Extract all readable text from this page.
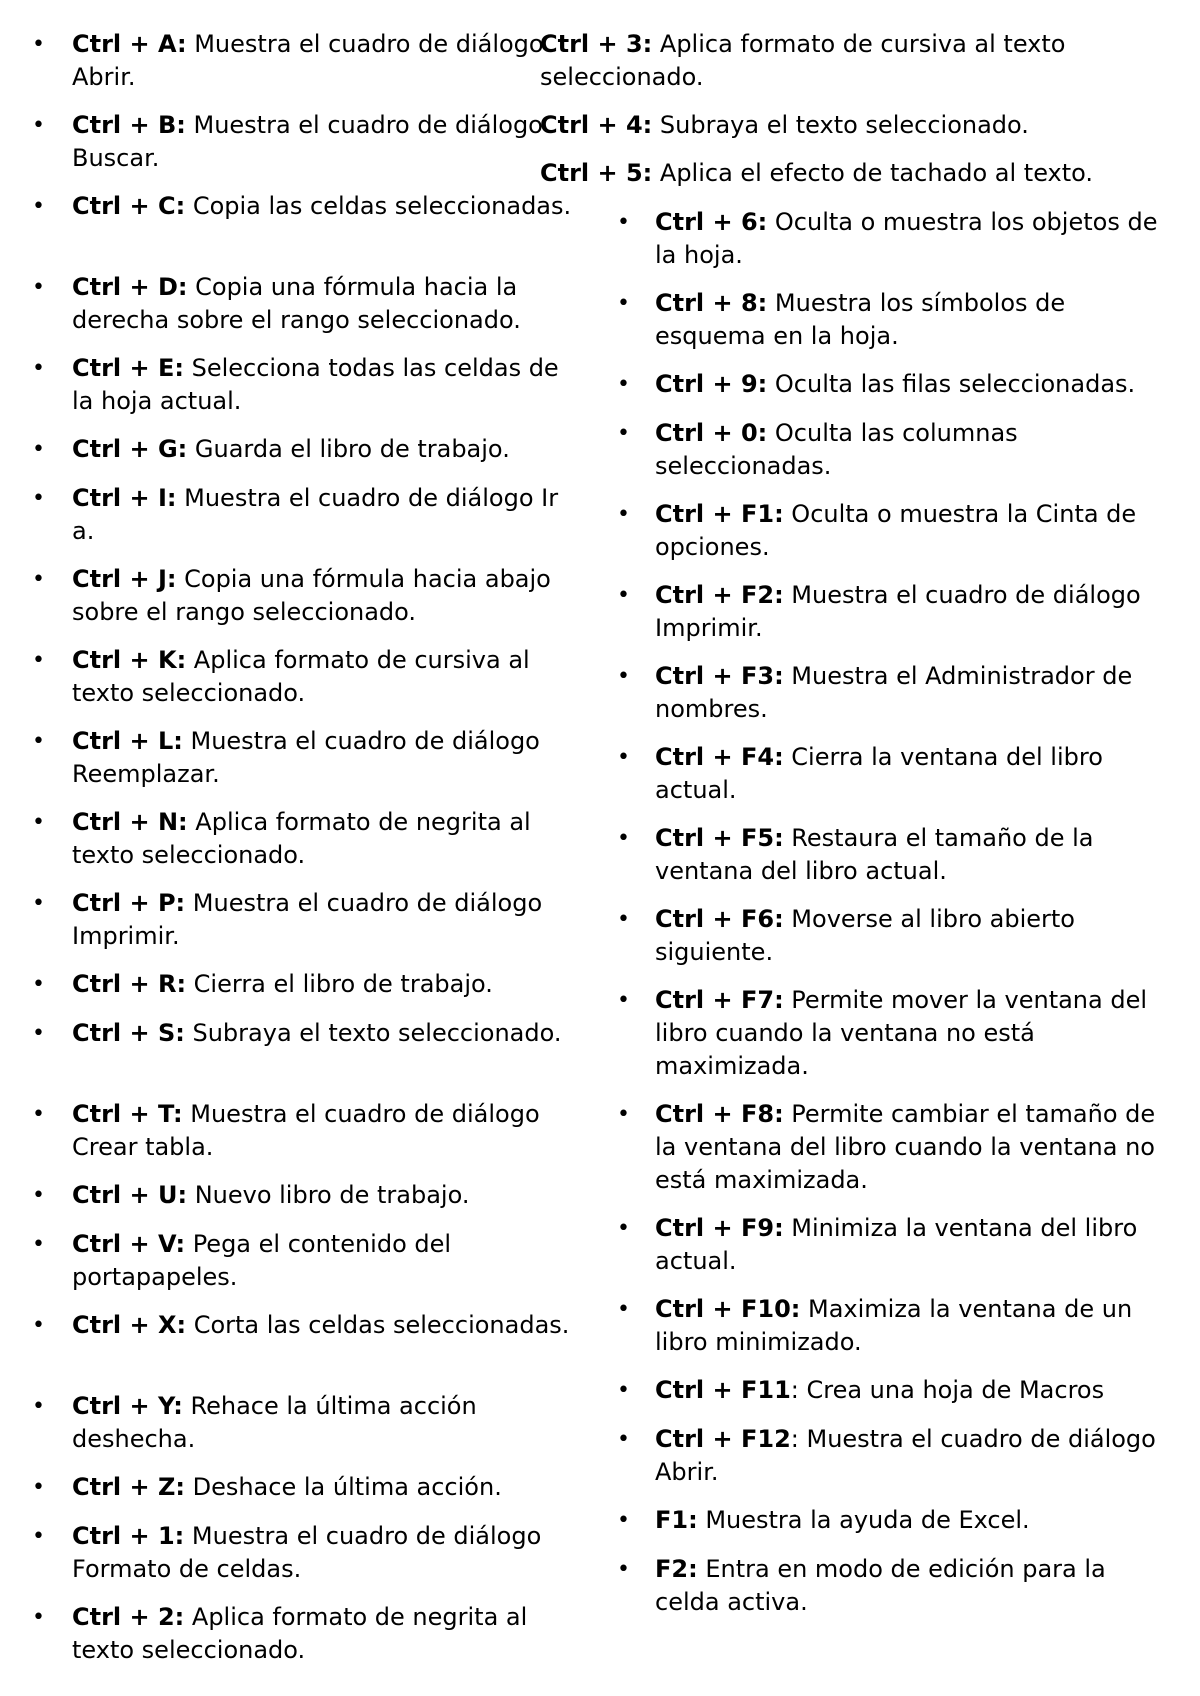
• Ctrl + A: Muestra el cuadro de diálogo Abrir.

• Ctrl + B: Muestra el cuadro de diálogo Buscar.

• Ctrl + C: Copia las celdas seleccionadas.

• Ctrl + D: Copia una fórmula hacia la derecha sobre el rango seleccionado.

• Ctrl + E: Selecciona todas las celdas de la hoja actual.

• Ctrl + G: Guarda el libro de trabajo.

• Ctrl + I: Muestra el cuadro de diálogo Ir a.

• Ctrl + J: Copia una fórmula hacia abajo sobre el rango seleccionado.

• Ctrl + K: Aplica formato de cursiva al texto seleccionado.

• Ctrl + L: Muestra el cuadro de diálogo Reemplazar.

• Ctrl + N: Aplica formato de negrita al texto seleccionado.

• Ctrl + P: Muestra el cuadro de diálogo Imprimir.

• Ctrl + R: Cierra el libro de trabajo.

• Ctrl + S: Subraya el texto seleccionado.

• Ctrl + T: Muestra el cuadro de diálogo Crear tabla.

• Ctrl + U: Nuevo libro de trabajo.

• Ctrl + V: Pega el contenido del portapapeles.

• Ctrl + X: Corta las celdas seleccionadas.

• Ctrl + Y: Rehace la última acción deshecha.

• Ctrl + Z: Deshace la última acción.

• Ctrl + 1: Muestra el cuadro de diálogo Formato de celdas.

• Ctrl + 2: Aplica formato de negrita al texto seleccionado.

Ctrl + 3: Aplica formato de cursiva al texto seleccionado.

Ctrl + 4: Subraya el texto seleccionado.

Ctrl + 5: Aplica el efecto de tachado al texto.

• Ctrl + 6: Oculta o muestra los objetos de la hoja.

• Ctrl + 8: Muestra los símbolos de esquema en la hoja.

• Ctrl + 9: Oculta las filas seleccionadas.

• Ctrl + 0: Oculta las columnas seleccionadas.

• Ctrl + F1: Oculta o muestra la Cinta de opciones.

• Ctrl + F2: Muestra el cuadro de diálogo Imprimir.

• Ctrl + F3: Muestra el Administrador de nombres.

• Ctrl + F4: Cierra la ventana del libro actual.

• Ctrl + F5: Restaura el tamaño de la ventana del libro actual.

• Ctrl + F6: Moverse al libro abierto siguiente.

• Ctrl + F7: Permite mover la ventana del libro cuando la ventana no está maximizada.

• Ctrl + F8: Permite cambiar el tamaño de la ventana del libro cuando la ventana no está maximizada.

• Ctrl + F9: Minimiza la ventana del libro actual.

• Ctrl + F10: Maximiza la ventana de un libro minimizado.

• Ctrl + F11: Crea una hoja de Macros

• Ctrl + F12: Muestra el cuadro de diálogo Abrir.

• F1: Muestra la ayuda de Excel.

• F2: Entra en modo de edición para la celda activa.
